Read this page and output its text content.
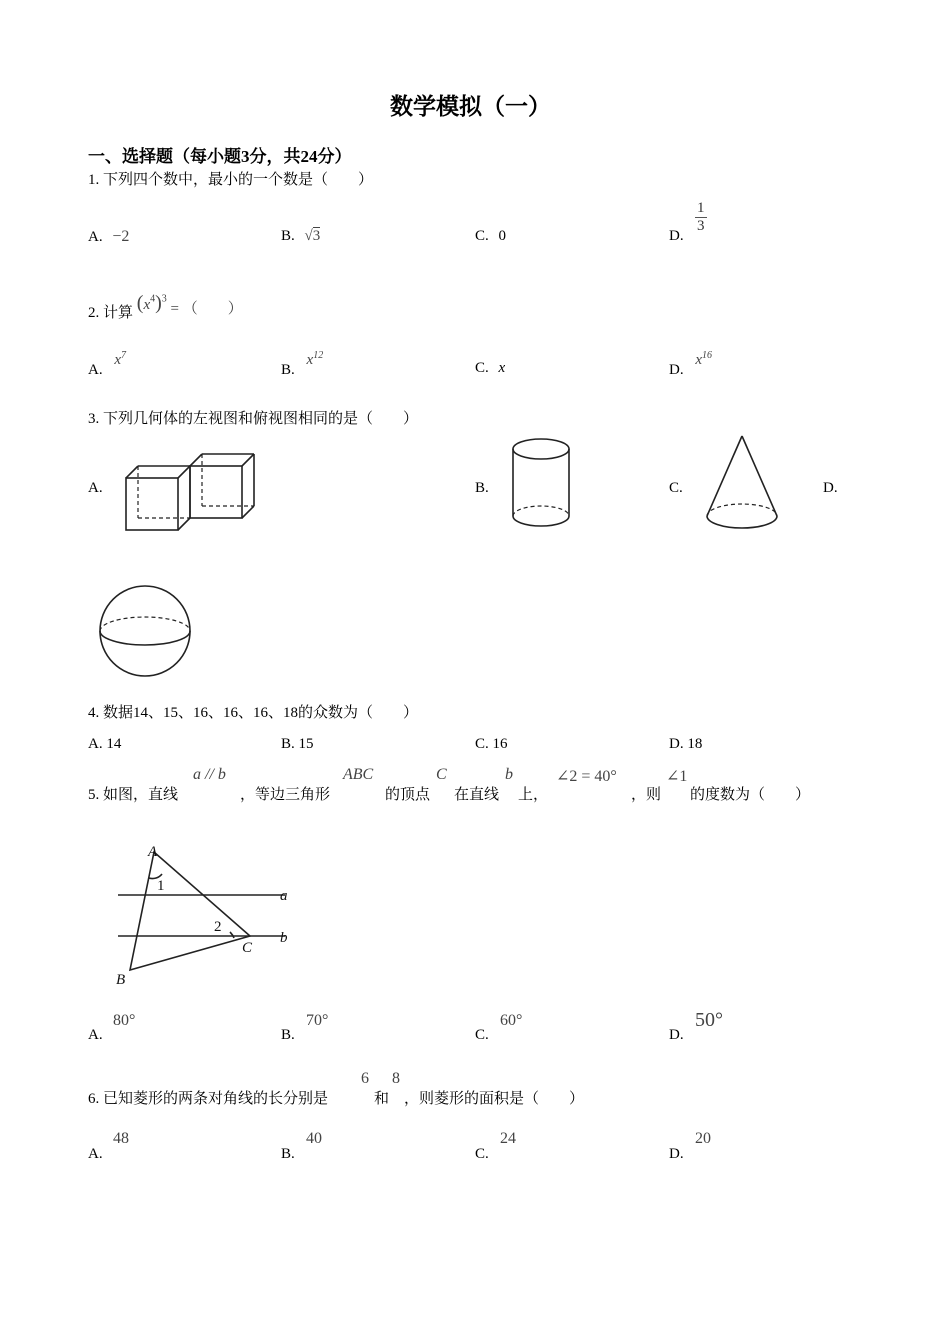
数学模拟（一）
一、选择题（每小题3分，共24分）
1. 下列四个数中，最小的一个数是（　　）
A. −2	B. √3	C. 0	D.
$\frac{1}{3}$
2. 计算 $(x^4)^3$ = （　　）
A. $x^7$
B. $x^{12}$
C. x	D. $x^{16}$
3. 下列几何体的左视图和俯视图相同的是（　　）
A.	B.	C.	D.
4. 数据14、15、16、16、16、18的众数为（　　）
A. 14	B. 15	C. 16	D. 18
5. 如图，直线
a // b
，等边三角形
ABC
的顶点
C
在直线
b
上，
∠2 = 40°
，则
∠1
的度数为（　　）
A
B
C
a
b
1
2
A.
80°
B.
70°
C.
60°
D.
50°
6. 已知菱形的两条对角线的长分别是
6
和
8
，则菱形的面积是（　　）
A.
48
B.
40
C.
24
D.
20
